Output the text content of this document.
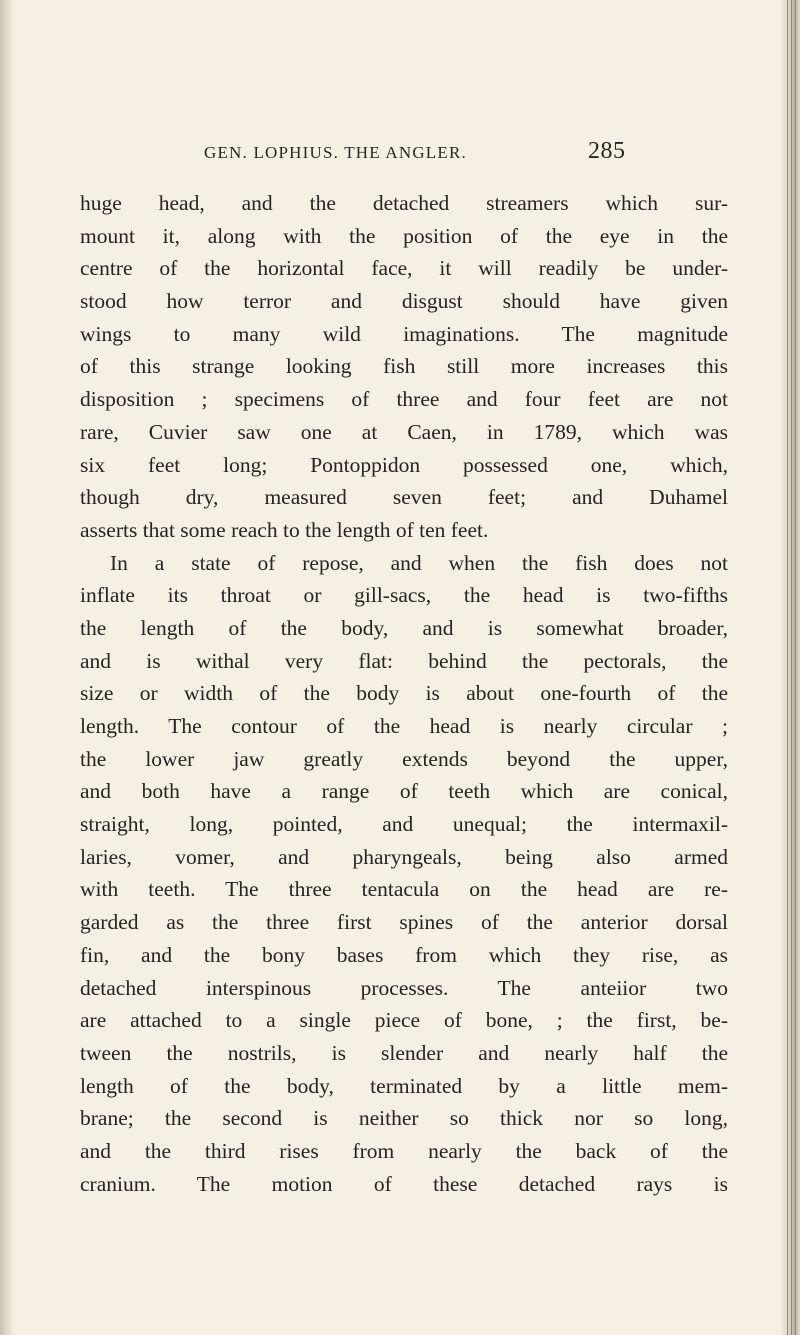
GEN. LOPHIUS. THE ANGLER.	285
huge head, and the detached streamers which sur-
mount it, along with the position of the eye in the
centre of the horizontal face, it will readily be under-
stood how terror and disgust should have given
wings to many wild imaginations. The magnitude
of this strange looking fish still more increases this
disposition ; specimens of three and four feet are not
rare, Cuvier saw one at Caen, in 1789, which was
six feet long; Pontoppidon possessed one, which,
though dry, measured seven feet; and Duhamel
asserts that some reach to the length of ten feet.
In a state of repose, and when the fish does not
inflate its throat or gill-sacs, the head is two-fifths
the length of the body, and is somewhat broader,
and is withal very flat: behind the pectorals, the
size or width of the body is about one-fourth of the
length. The contour of the head is nearly circular ;
the lower jaw greatly extends beyond the upper,
and both have a range of teeth which are conical,
straight, long, pointed, and unequal; the intermaxil-
laries, vomer, and pharyngeals, being also armed
with teeth. The three tentacula on the head are re-
garded as the three first spines of the anterior dorsal
fin, and the bony bases from which they rise, as
detached interspinous processes. The anteiior two
are attached to a single piece of bone, ; the first, be-
tween the nostrils, is slender and nearly half the
length of the body, terminated by a little mem-
brane; the second is neither so thick nor so long,
and the third rises from nearly the back of the
cranium. The motion of these detached rays is
